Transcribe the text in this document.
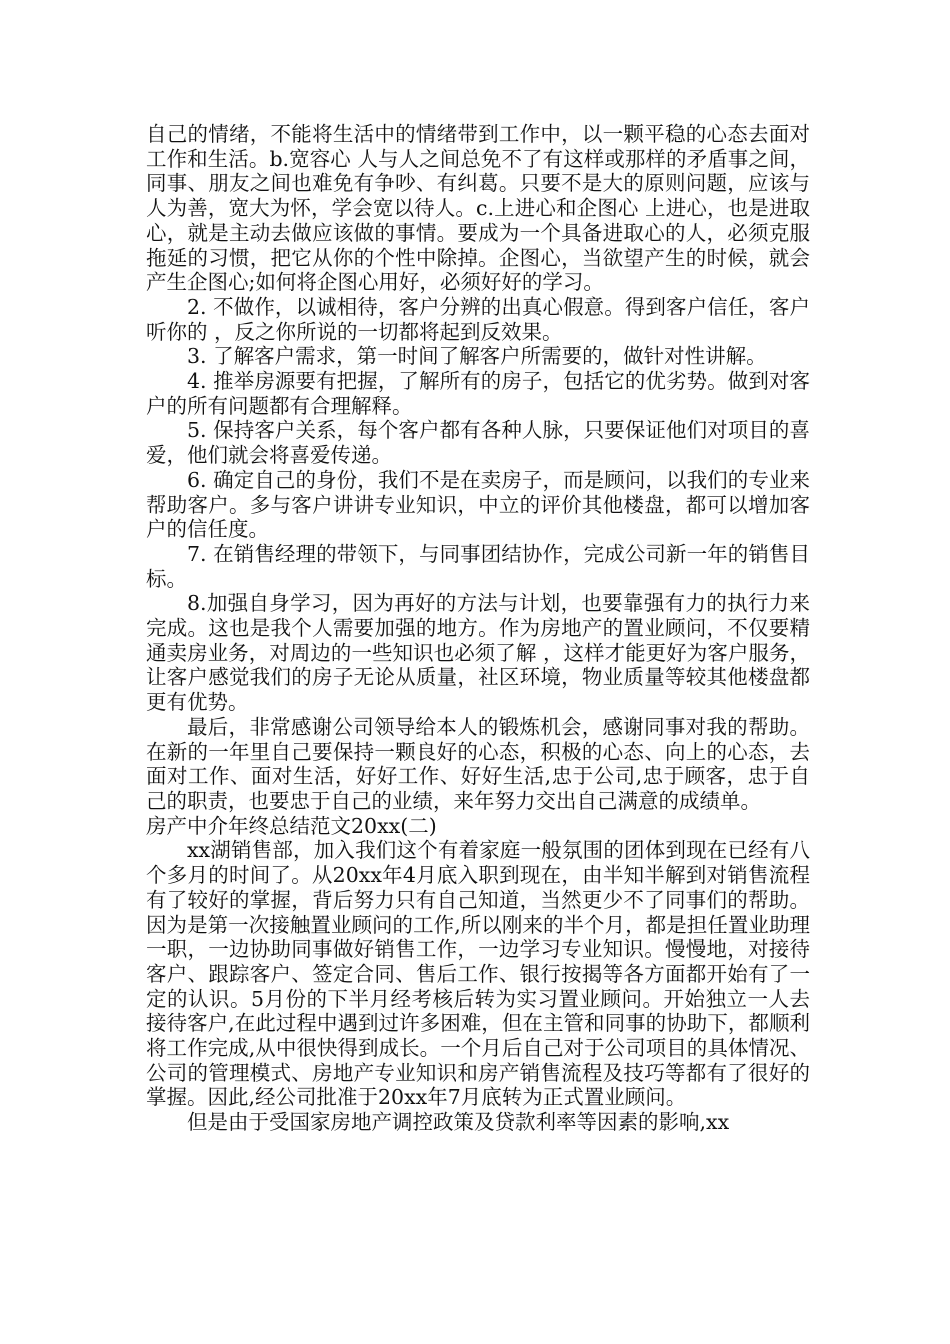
自己的情绪，不能将生活中的情绪带到工作中，以一颗平稳的心态去面对工作和生活。b.宽容心 人与人之间总免不了有这样或那样的矛盾事之间，同事、朋友之间也难免有争吵、有纠葛。只要不是大的原则问题，应该与人为善，宽大为怀，学会宽以待人。c.上进心和企图心 上进心，也是进取心，就是主动去做应该做的事情。要成为一个具备进取心的人，必须克服拖延的习惯，把它从你的个性中除掉。企图心，当欲望产生的时候，就会产生企图心;如何将企图心用好，必须好好的学习。

2. 不做作，以诚相待，客户分辨的出真心假意。得到客户信任，客户听你的 ，反之你所说的一切都将起到反效果。

3. 了解客户需求，第一时间了解客户所需要的，做针对性讲解。

4. 推举房源要有把握，了解所有的房子，包括它的优劣势。做到对客户的所有问题都有合理解释。

5. 保持客户关系，每个客户都有各种人脉，只要保证他们对项目的喜爱，他们就会将喜爱传递。

6. 确定自己的身份，我们不是在卖房子，而是顾问，以我们的专业来帮助客户。多与客户讲讲专业知识，中立的评价其他楼盘，都可以增加客户的信任度。

7. 在销售经理的带领下，与同事团结协作，完成公司新一年的销售目标。

8.加强自身学习，因为再好的方法与计划，也要靠强有力的执行力来完成。这也是我个人需要加强的地方。作为房地产的置业顾问，不仅要精通卖房业务，对周边的一些知识也必须了解 ，这样才能更好为客户服务，让客户感觉我们的房子无论从质量，社区环境，物业质量等较其他楼盘都更有优势。

最后，非常感谢公司领导给本人的锻炼机会，感谢同事对我的帮助。在新的一年里自己要保持一颗良好的心态，积极的心态、向上的心态，去面对工作、面对生活，好好工作、好好生活,忠于公司,忠于顾客，忠于自己的职责，也要忠于自己的业绩，来年努力交出自己满意的成绩单。

房产中介年终总结范文20xx(二)

xx湖销售部，加入我们这个有着家庭一般氛围的团体到现在已经有八个多月的时间了。从20xx年4月底入职到现在，由半知半解到对销售流程有了较好的掌握，背后努力只有自己知道，当然更少不了同事们的帮助。因为是第一次接触置业顾问的工作,所以刚来的半个月，都是担任置业助理一职，一边协助同事做好销售工作，一边学习专业知识。慢慢地，对接待客户、跟踪客户、签定合同、售后工作、银行按揭等各方面都开始有了一定的认识。5月份的下半月经考核后转为实习置业顾问。开始独立一人去接待客户,在此过程中遇到过许多困难，但在主管和同事的协助下，都顺利将工作完成,从中很快得到成长。一个月后自己对于公司项目的具体情况、公司的管理模式、房地产专业知识和房产销售流程及技巧等都有了很好的掌握。因此,经公司批准于20xx年7月底转为正式置业顾问。

但是由于受国家房地产调控政策及贷款利率等因素的影响,xx
